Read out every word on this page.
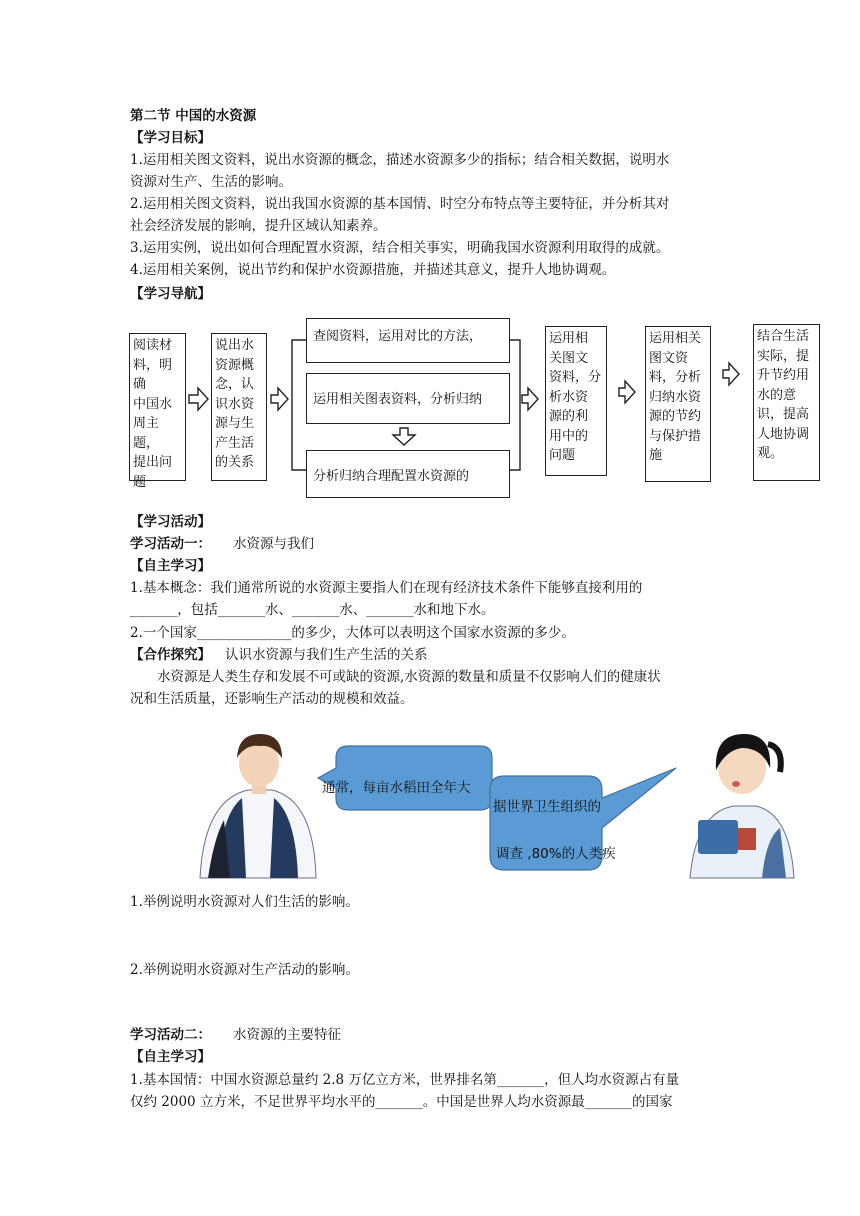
第二节 中国的水资源
【学习目标】
1.运用相关图文资料，说出水资源的概念，描述水资源多少的指标；结合相关数据，说明水
资源对生产、生活的影响。
2.运用相关图文资料，说出我国水资源的基本国情、时空分布特点等主要特征，并分析其对
社会经济发展的影响，提升区域认知素养。
3.运用实例，说出如何合理配置水资源，结合相关事实，明确我国水资源利用取得的成就。
4.运用相关案例，说出节约和保护水资源措施，并描述其意义，提升人地协调观。
【学习导航】
阅读材
料，明确
中国水
周主题，
提出问
题
说出水
资源概
念，认
识水资
源与生
产生活
的关系
查阅资料，运用对比的方法，
运用相关图表资料，分析归纳
分析归纳合理配置水资源的
运用相
关图文
资料，分
析水资
源的利
用中的
问题
运用相关
图文资
料，分析
归纳水资
源的节约
与保护措
施
结合生活
实际，提
升节约用
水的意
识，提高
人地协调
观。
【学习活动】
学习活动一： 水资源与我们
【自主学习】
1.基本概念：我们通常所说的水资源主要指人们在现有经济技术条件下能够直接利用的
_______，包括_______水、_______水、_______水和地下水。
2.一个国家______________的多少，大体可以表明这个国家水资源的多少。
【合作探究】 认识水资源与我们生产生活的关系
水资源是人类生存和发展不可或缺的资源,水资源的数量和质量不仅影响人们的健康状
况和生活质量，还影响生产活动的规模和效益。
通常，每亩水稻田全年大
据世界卫生组织的
调查 ,80%的人类疾
1.举例说明水资源对人们生活的影响。
2.举例说明水资源对生产活动的影响。
学习活动二： 水资源的主要特征
【自主学习】
1.基本国情：中国水资源总量约 2.8 万亿立方米，世界排名第_______，但人均水资源占有量
仅约 2000 立方米，不足世界平均水平的_______。中国是世界人均水资源最_______的国家
